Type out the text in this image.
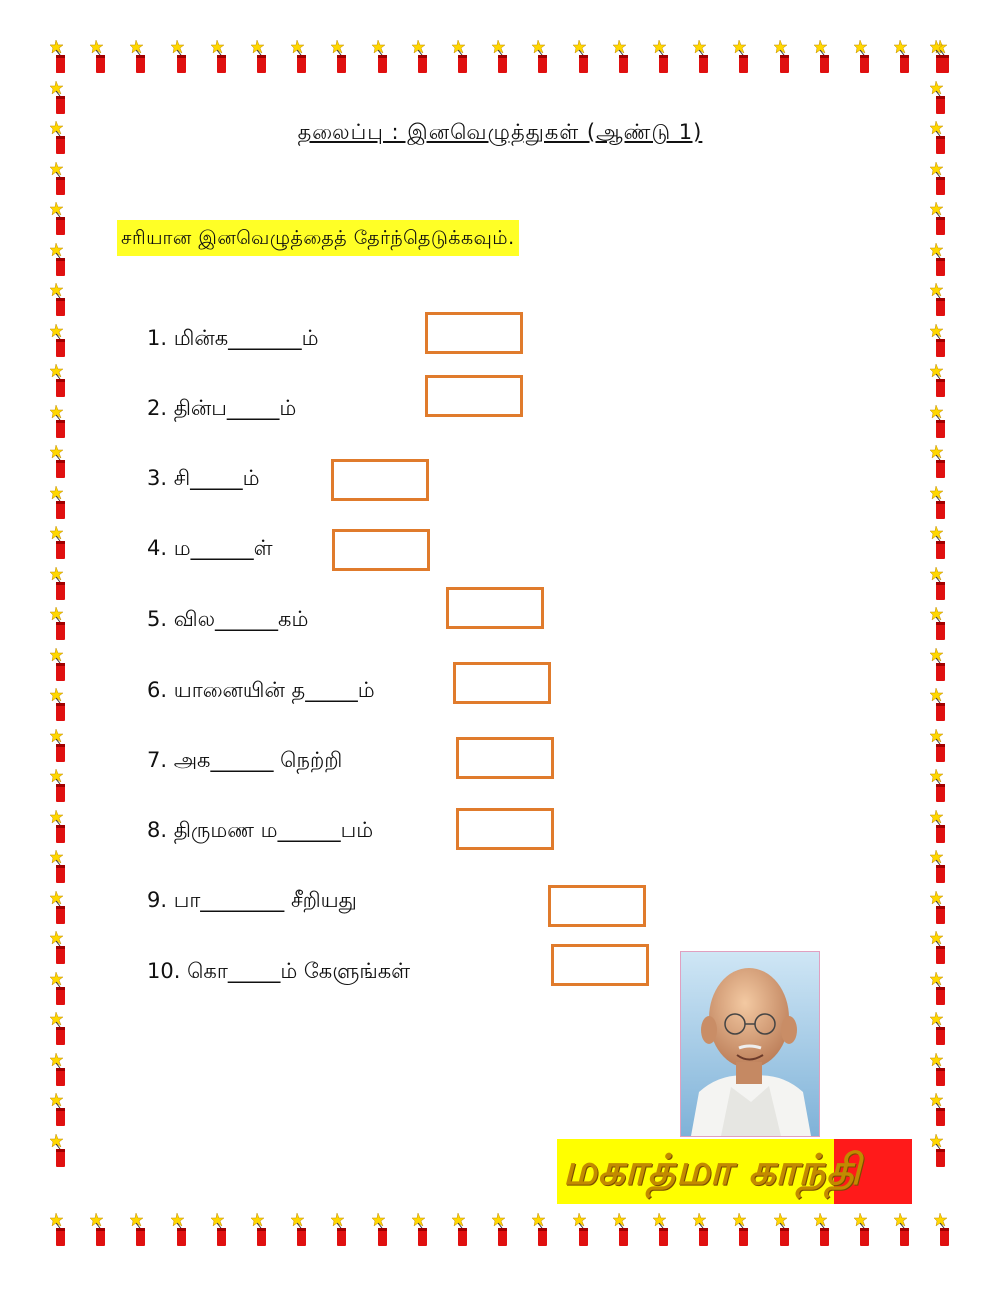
தலைப்பு : இனவெழுத்துகள் (ஆண்டு 1)
சரியான இனவெழுத்தைத் தேர்ந்தெடுக்கவும்.
1. மின்க_______ம்
2. தின்ப_____ம்
3. சி_____ம்
4. ம______ள்
5. வில______கம்
6. யானையின் த_____ம்
7. அக______ நெற்றி
8. திருமண ம______பம்
9. பா________ சீறியது
10. கொ_____ம் கேளுங்கள்
மகாத்மா காந்தி
